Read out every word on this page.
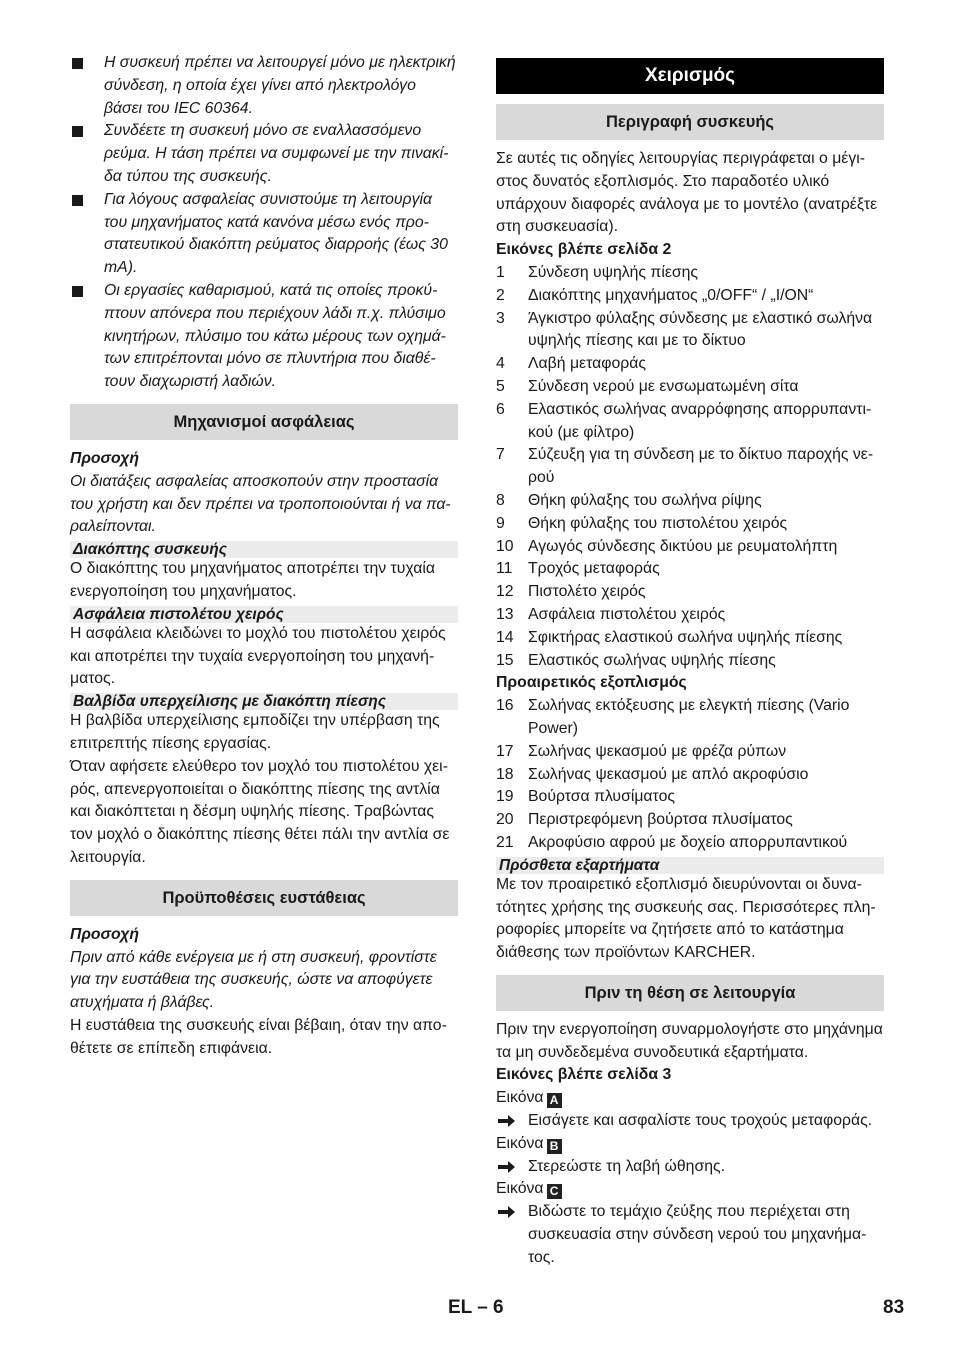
Η συσκευή πρέπει να λειτουργεί μόνο με ηλεκτρική σύνδεση, η οποία έχει γίνει από ηλεκτρολόγο βάσει του IEC 60364.
Συνδέετε τη συσκευή μόνο σε εναλλασσόμενο ρεύμα. Η τάση πρέπει να συμφωνεί με την πινακίδα τύπου της συσκευής.
Για λόγους ασφαλείας συνιστούμε τη λειτουργία του μηχανήματος κατά κανόνα μέσω ενός προστατευτικού διακόπτη ρεύματος διαρροής (έως 30 mA).
Οι εργασίες καθαρισμού, κατά τις οποίες προκύπτουν απόνερα που περιέχουν λάδι π.χ. πλύσιμο κινητήρων, πλύσιμο του κάτω μέρους των οχημάτων επιτρέπονται μόνο σε πλυντήρια που διαθέτουν διαχωριστή λαδιών.
Μηχανισμοί ασφάλειας

Προσοχή

Οι διατάξεις ασφαλείας αποσκοπούν στην προστασία του χρήστη και δεν πρέπει να τροποποιούνται ή να παραλείπονται.

Διακόπτης συσκευής

Ο διακόπτης του μηχανήματος αποτρέπει την τυχαία ενεργοποίηση του μηχανήματος.

Ασφάλεια πιστολέτου χειρός

Η ασφάλεια κλειδώνει το μοχλό του πιστολέτου χειρός και αποτρέπει την τυχαία ενεργοποίηση του μηχανήματος.

Βαλβίδα υπερχείλισης με διακόπτη πίεσης

Η βαλβίδα υπερχείλισης εμποδίζει την υπέρβαση της επιτρεπτής πίεσης εργασίας.

Όταν αφήσετε ελεύθερο τον μοχλό του πιστολέτου χειρός, απενεργοποιείται ο διακόπτης πίεσης της αντλία και διακόπτεται η δέσμη υψηλής πίεσης. Τραβώντας τον μοχλό ο διακόπτης πίεσης θέτει πάλι την αντλία σε λειτουργία.

Προϋποθέσεις ευστάθειας

Προσοχή

Πριν από κάθε ενέργεια με ή στη συσκευή, φροντίστε για την ευστάθεια της συσκευής, ώστε να αποφύγετε ατυχήματα ή βλάβες.

Η ευστάθεια της συσκευής είναι βέβαιη, όταν την αποθέτετε σε επίπεδη επιφάνεια.

Χειρισμός
Περιγραφή συσκευής

Σε αυτές τις οδηγίες λειτουργίας περιγράφεται ο μέγιστος δυνατός εξοπλισμός. Στο παραδοτέο υλικό υπάρχουν διαφορές ανάλογα με το μοντέλο (ανατρέξτε στη συσκευασία).

Εικόνες βλέπε σελίδα 2

1 Σύνδεση υψηλής πίεσης
2 Διακόπτης μηχανήματος „0/OFF“ / „I/ON“
3 Άγκιστρο φύλαξης σύνδεσης με ελαστικό σωλήνα υψηλής πίεσης και με το δίκτυο
4 Λαβή μεταφοράς
5 Σύνδεση νερού με ενσωματωμένη σίτα
6 Ελαστικός σωλήνας αναρρόφησης απορρυπαντικού (με φίλτρο)
7 Σύζευξη για τη σύνδεση με το δίκτυο παροχής νερού
8 Θήκη φύλαξης του σωλήνα ρίψης
9 Θήκη φύλαξης του πιστολέτου χειρός
10 Αγωγός σύνδεσης δικτύου με ρευματολήπτη
11 Τροχός μεταφοράς
12 Πιστολέτο χειρός
13 Ασφάλεια πιστολέτου χειρός
14 Σφικτήρας ελαστικού σωλήνα υψηλής πίεσης
15 Ελαστικός σωλήνας υψηλής πίεσης

Προαιρετικός εξοπλισμός

16 Σωλήνας εκτόξευσης με ελεγκτή πίεσης (Vario Power)
17 Σωλήνας ψεκασμού με φρέζα ρύπων
18 Σωλήνας ψεκασμού με απλό ακροφύσιο
19 Βούρτσα πλυσίματος
20 Περιστρεφόμενη βούρτσα πλυσίματος
21 Ακροφύσιο αφρού με δοχείο απορρυπαντικού
Πρόσθετα εξαρτήματα

Με τον προαιρετικό εξοπλισμό διευρύνονται οι δυνατότητες χρήσης της συσκευής σας. Περισσότερες πληροφορίες μπορείτε να ζητήσετε από το κατάστημα διάθεσης των προϊόντων KARCHER.

Πριν τη θέση σε λειτουργία

Πριν την ενεργοποίηση συναρμολογήστε στο μηχάνημα τα μη συνδεδεμένα συνοδευτικά εξαρτήματα.

Εικόνες βλέπε σελίδα 3

Εικόνα A
Εισάγετε και ασφαλίστε τους τροχούς μεταφοράς.
Εικόνα B
Στερεώστε τη λαβή ώθησης.
Εικόνα C
Βιδώστε το τεμάχιο ζεύξης που περιέχεται στη συσκευασία στην σύνδεση νερού του μηχανήματος.
EL – 6	83
